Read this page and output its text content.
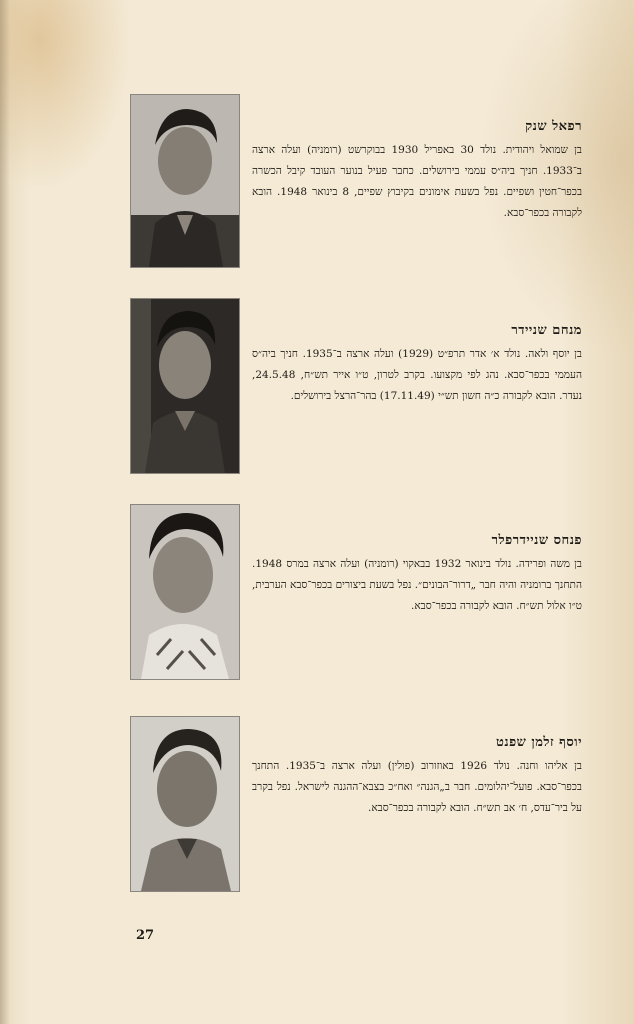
רפאל שנק

בן שמואל ויהודית. נולד 30 באפריל 1930 בבוקרשט (רומניה) ועלה ארצה ב־1933. חניך ביה״ס עממי בירושלים. כחבר פעיל בנוער העובד קיבל הכשרה בכפר־חטין ושפיים. נפל בשעת אימונים בקיבוץ שפיים, 8 בינואר 1948. הובא לקבורה בכפר־סבא.

מנחם שניידר

בן יוסף ולאה. נולד א׳ אדר תרפ״ט (1929) ועלה ארצה ב־1935. חניך ביה״ס העממי בכפר־סבא. נהג לפי מקצועו. בקרב לטרון, ט״ו אייר תש״ח, 24.5.48, נעדר. הובא לקבורה כ״ה חשון תש״י (17.11.49) בהר־הרצל בירושלים.

פנחס שניידרפלר

בן משה ופרידה. נולד בינואר 1932 בבאקוי (רומניה) ועלה ארצה במרס 1948. התחנך ברומניה והיה חבר „דרור־הבונים״. נפל בשעת ביצורים בכפר־סבא הערבית, ט״ו אלול תש״ח. הובא לקבורה בכפר־סבא.

יוסף זלמן שפנט

בן אליהו וחנה. נולד 1926 באוזורוב (פולין) ועלה ארצה ב־1935. התחנך בכפר־סבא. פועל־יהלומים. חבר ב„הגנה״ ואח״כ בצבא־ההגנה לישראל. נפל בקרב על ביר־עדס, ח׳ אב תש״ח. הובא לקבורה בכפר־סבא.

27
